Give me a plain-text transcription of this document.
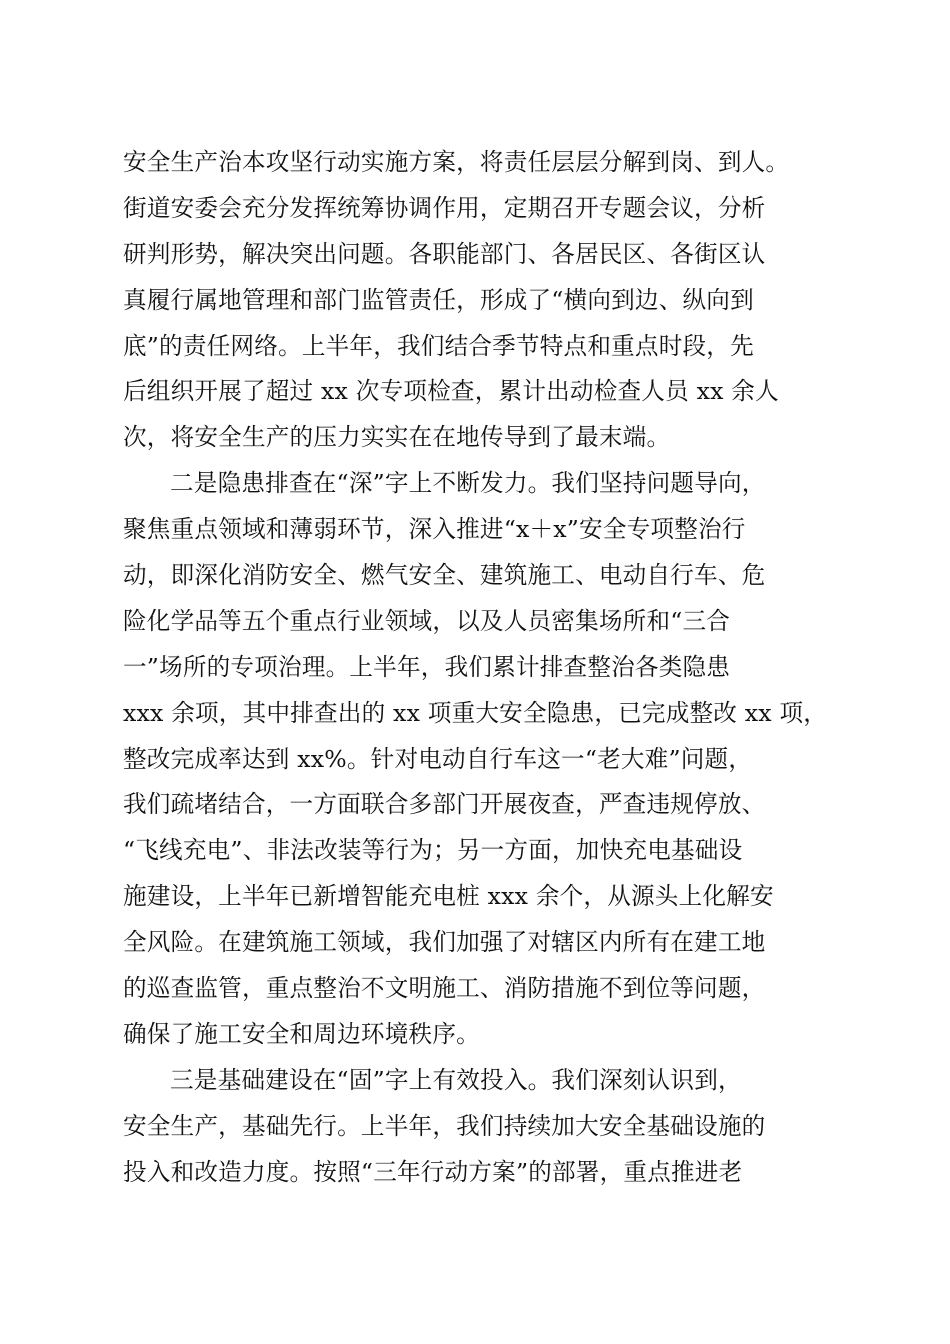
安全生产治本攻坚行动实施方案，将责任层层分解到岗、到人。
街道安委会充分发挥统筹协调作用，定期召开专题会议，分析
研判形势，解决突出问题。各职能部门、各居民区、各街区认
真履行属地管理和部门监管责任，形成了“横向到边、纵向到
底”的责任网络。上半年，我们结合季节特点和重点时段，先
后组织开展了超过 xx 次专项检查，累计出动检查人员 xx 余人
次，将安全生产的压力实实在在地传导到了最末端。
二是隐患排查在“深”字上不断发力。我们坚持问题导向，
聚焦重点领域和薄弱环节，深入推进“x＋x”安全专项整治行
动，即深化消防安全、燃气安全、建筑施工、电动自行车、危
险化学品等五个重点行业领域，以及人员密集场所和“三合
一”场所的专项治理。上半年，我们累计排查整治各类隐患
xxx 余项，其中排查出的 xx 项重大安全隐患，已完成整改 xx 项，
整改完成率达到 xx%。针对电动自行车这一“老大难”问题，
我们疏堵结合，一方面联合多部门开展夜查，严查违规停放、
“飞线充电”、非法改装等行为；另一方面，加快充电基础设
施建设，上半年已新增智能充电桩 xxx 余个，从源头上化解安
全风险。在建筑施工领域，我们加强了对辖区内所有在建工地
的巡查监管，重点整治不文明施工、消防措施不到位等问题，
确保了施工安全和周边环境秩序。
三是基础建设在“固”字上有效投入。我们深刻认识到，
安全生产，基础先行。上半年，我们持续加大安全基础设施的
投入和改造力度。按照“三年行动方案”的部署，重点推进老
